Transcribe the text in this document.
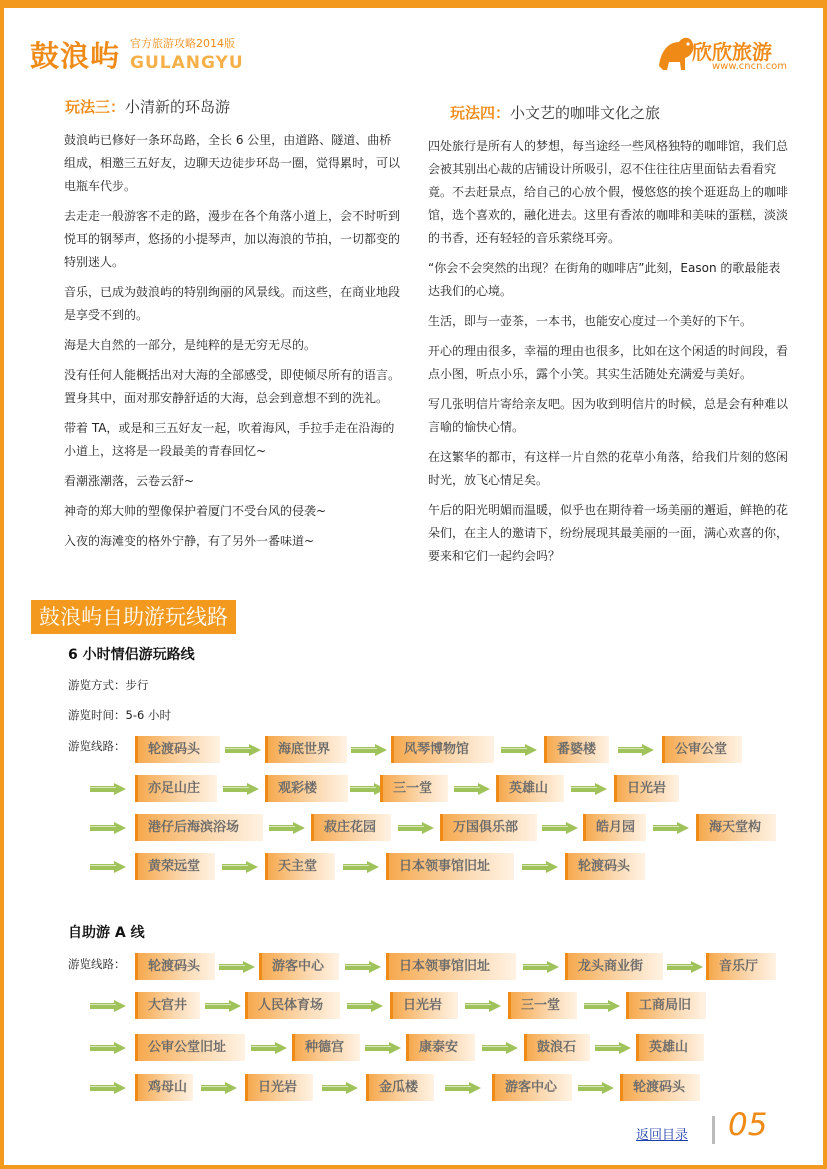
鼓浪屿 官方旅游攻略2014版
GULANGYU	欣欣旅游
www.cncn.com
玩法三：小清新的环岛游

鼓浪屿已修好一条环岛路，全长 6 公里，由道路、隧道、曲桥组成，相邀三五好友，边聊天边徒步环岛一圈，觉得累时，可以电瓶车代步。

去走走一般游客不走的路，漫步在各个角落小道上，会不时听到悦耳的钢琴声，悠扬的小提琴声，加以海浪的节拍，一切都变的特别迷人。

音乐，已成为鼓浪屿的特别绚丽的风景线。而这些，在商业地段是享受不到的。

海是大自然的一部分，是纯粹的是无穷无尽的。

没有任何人能概括出对大海的全部感受，即使倾尽所有的语言。置身其中，面对那安静舒适的大海，总会到意想不到的洗礼。

带着 TA，或是和三五好友一起，吹着海风，手拉手走在沿海的小道上，这将是一段最美的青春回忆~

看潮涨潮落，云卷云舒~

神奇的郑大帅的塑像保护着厦门不受台风的侵袭~

入夜的海滩变的格外宁静，有了另外一番味道~

玩法四：小文艺的咖啡文化之旅

四处旅行是所有人的梦想，每当途经一些风格独特的咖啡馆，我们总会被其别出心裁的店铺设计所吸引，忍不住往往店里面钻去看看究竟。不去赶景点，给自己的心放个假，慢悠悠的挨个逛逛岛上的咖啡馆，选个喜欢的，融化进去。这里有香浓的咖啡和美味的蛋糕，淡淡的书香，还有轻轻的音乐萦绕耳旁。

“你会不会突然的出现？在街角的咖啡店”此刻，Eason 的歌最能表达我们的心境。

生活，即与一壶茶，一本书，也能安心度过一个美好的下午。

开心的理由很多，幸福的理由也很多，比如在这个闲适的时间段，看点小图，听点小乐，露个小笑。其实生活随处充满爱与美好。

写几张明信片寄给亲友吧。因为收到明信片的时候，总是会有种难以言喻的愉快心情。

在这繁华的都市，有这样一片自然的花草小角落，给我们片刻的悠闲时光，放飞心情足矣。

午后的阳光明媚而温暖，似乎也在期待着一场美丽的邂逅，鲜艳的花朵们，在主人的邀请下，纷纷展现其最美丽的一面，满心欢喜的你，要来和它们一起约会吗？

鼓浪屿自助游玩线路
6 小时情侣游玩路线
游览方式：步行
游览时间：5-6 小时
游览线路：	轮渡码头	海底世界	风琴博物馆	番婆楼	公审公堂
亦足山庄	观彩楼	三一堂	英雄山	日光岩
港仔后海滨浴场	菽庄花园	万国俱乐部	皓月园	海天堂构
黄荣远堂	天主堂	日本领事馆旧址	轮渡码头
自助游 A 线
游览线路：	轮渡码头	游客中心	日本领事馆旧址	龙头商业街	音乐厅
大宫井	人民体育场	日光岩	三一堂	工商局旧
公审公堂旧址	种德宫	康泰安	鼓浪石	英雄山
鸡母山	日光岩	金瓜楼	游客中心	轮渡码头
返回目录 05
